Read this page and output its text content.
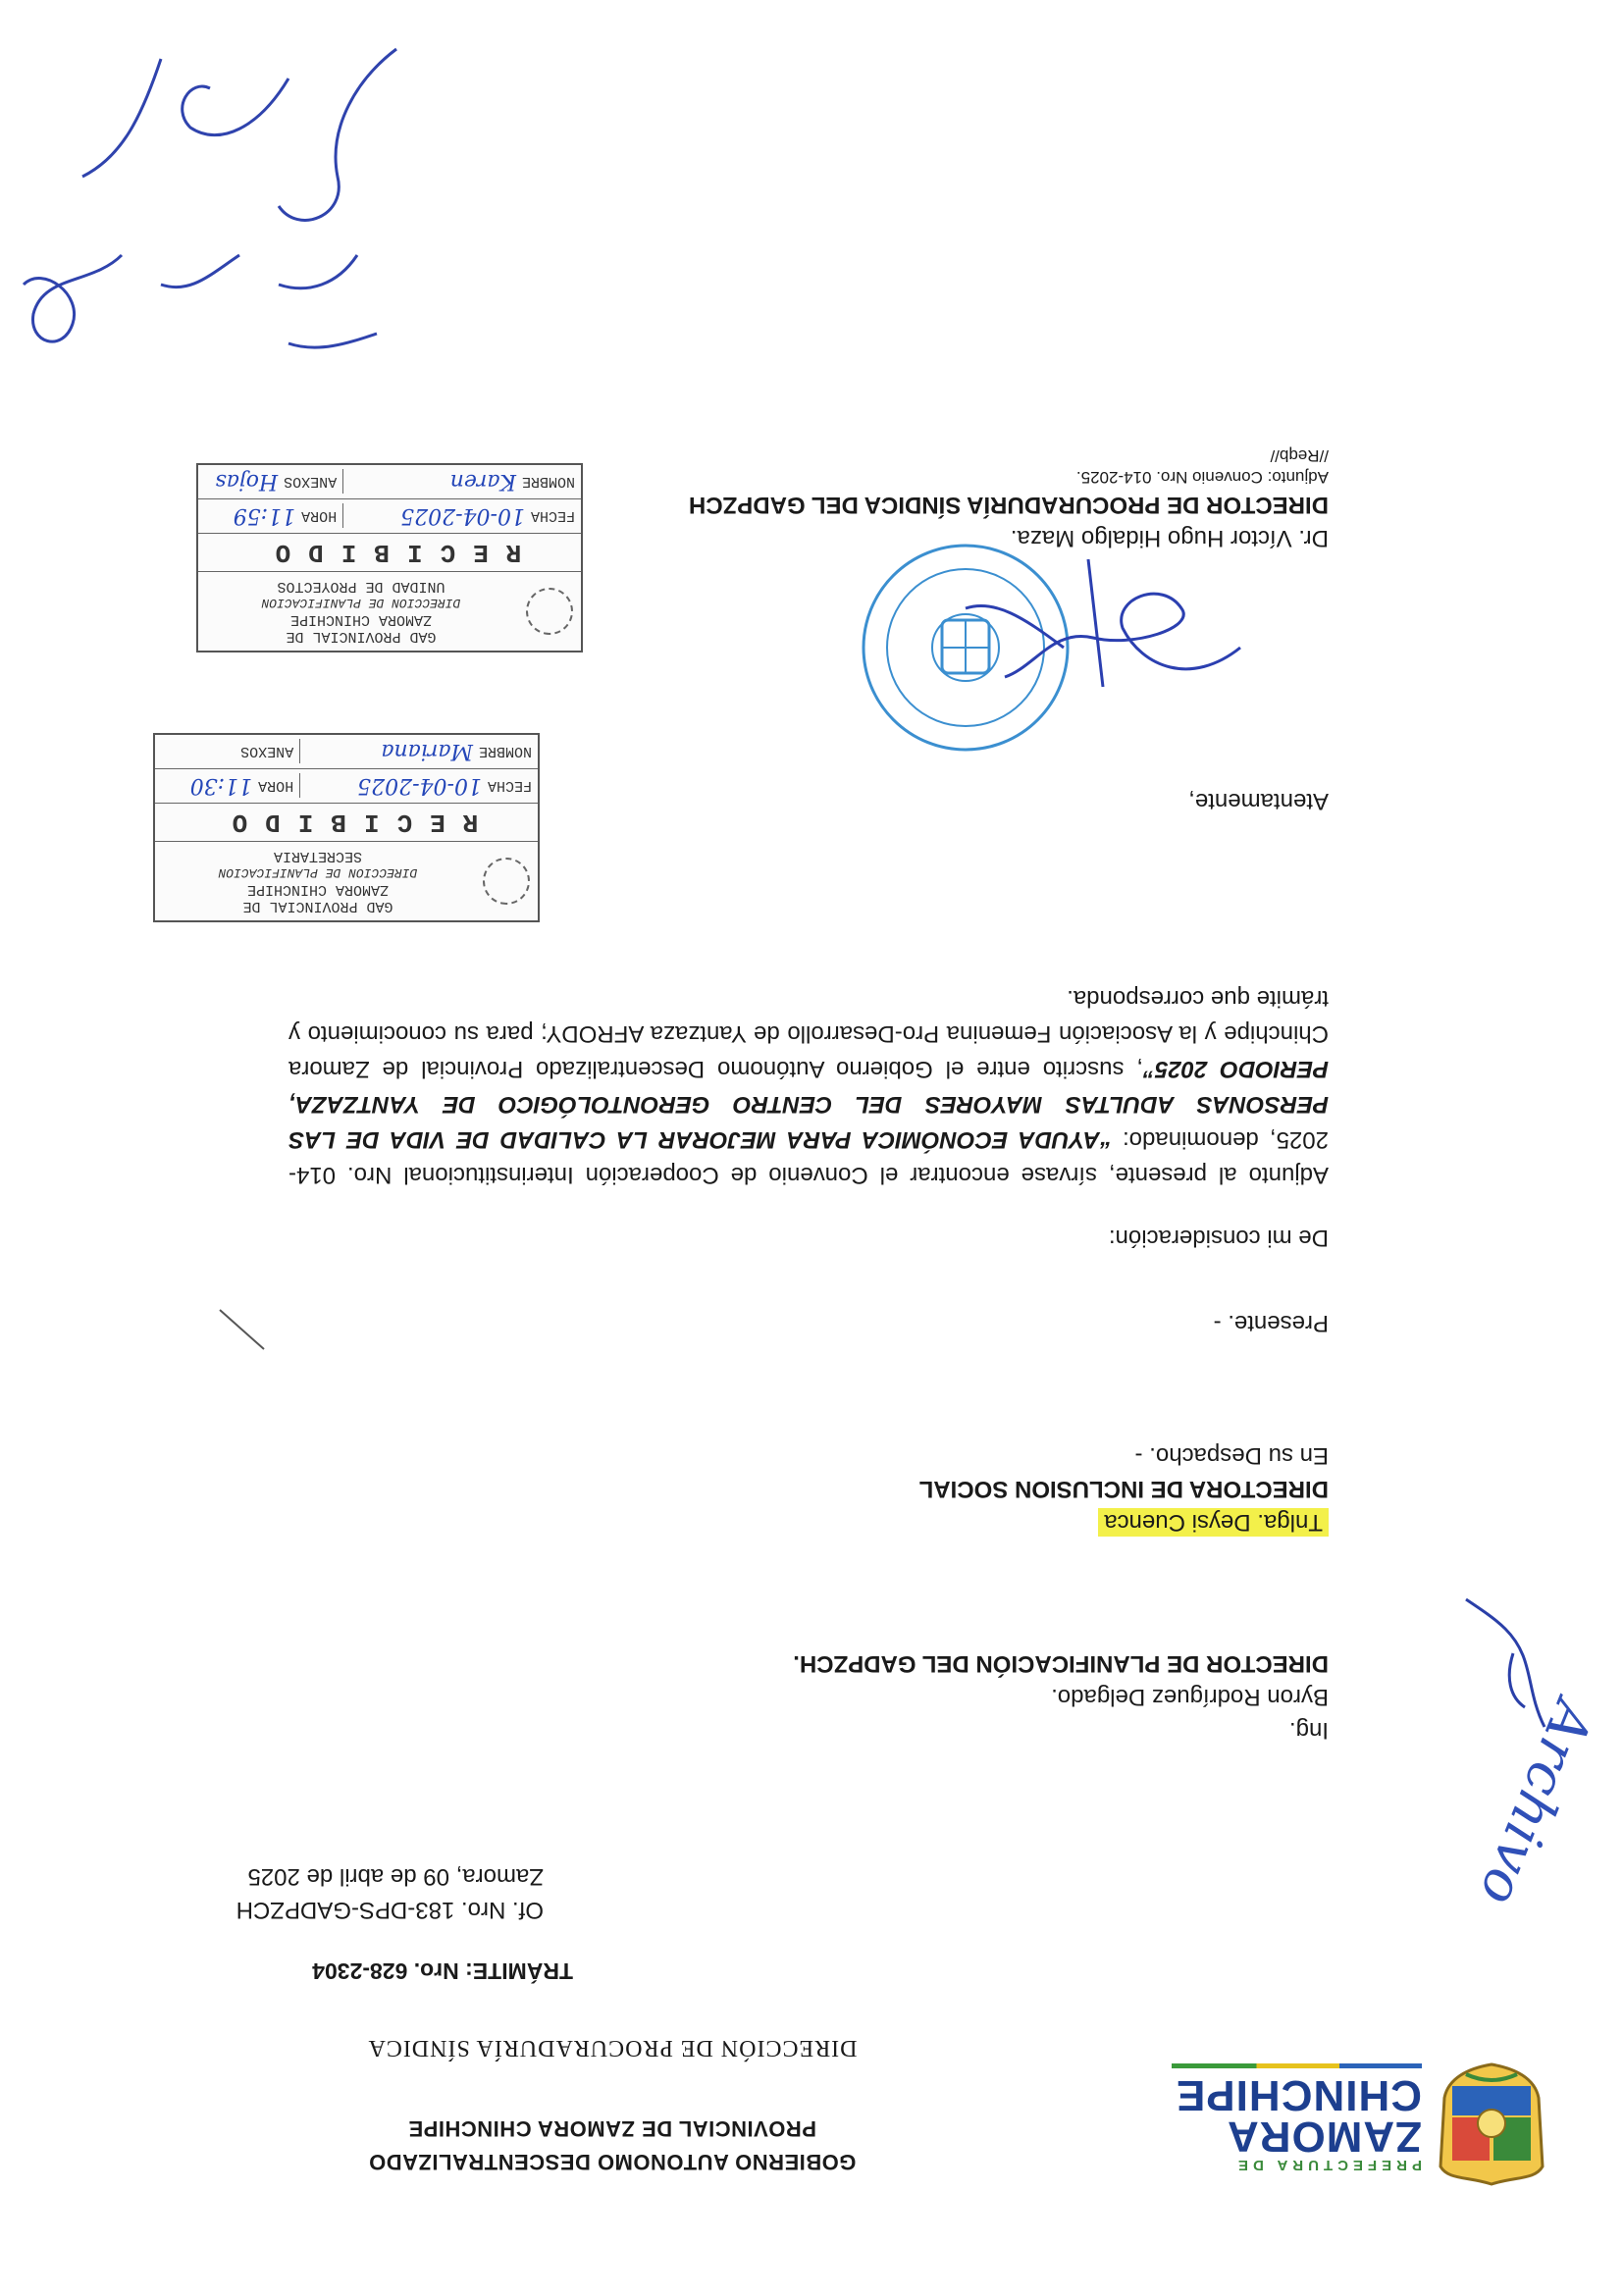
PREFECTURA DE
ZAMORA
CHINCHIPE
GOBIERNO AUTONOMO DESCENTRALIZADO
PROVINCIAL DE ZAMORA CHINCHIPE
DIRECCIÓN DE PROCURADURÍA SÍNDICA
TRÁMITE: Nro. 628-2304
Of. Nro. 183-DPS-GADPZCH
Zamora, 09 de abril de 2025	Archivo
Ing.
Byron Rodríguez Delgado.
DIRECTOR DE PLANIFICACIÓN DEL GADPZCH.
Tnlga. Deysi Cuenca
DIRECTORA DE INCLUSION SOCIAL
En su Despacho. -
Presente. -
De mi consideración:
Adjunto al presente, sírvase encontrar el Convenio de Cooperación Interinstitucional Nro. 014-2025, denominado: “AYUDA ECONÓMICA PARA MEJORAR LA CALIDAD DE VIDA DE LAS PERSONAS ADULTAS MAYORES DEL CENTRO GERONTOLÓGICO DE YANTZAZA, PERIODO 2025”, suscrito entre el Gobierno Autónomo Descentralizado Provincial de Zamora Chinchipe y la Asociación Femenina Pro-Desarrollo de Yantzaza AFRODY; para su conocimiento y trámite que corresponda.
Atentamente,
Dr. Víctor Hugo Hidalgo Maza.
DIRECTOR DE PROCURADURÍA SÍNDICA DEL GADPZCH
Adjunto: Convenio Nro. 014-2025.
//Reqb//
GAD PROVINCIAL DE
ZAMORA CHINCHIPE
DIRECCION DE PLANIFICACION
SECRETARIA
RECIBIDO
FECHA
10-04-2025
HORA
11:30
NOMBRE
Mariana
ANEXOS
GAD PROVINCIAL DE
ZAMORA CHINCHIPE
DIRECCION DE PLANIFICACION
UNIDAD DE PROYECTOS
RECIBIDO
FECHA
10-04-2025
HORA
11:59
NOMBRE
Karen
ANEXOS
Hojas
